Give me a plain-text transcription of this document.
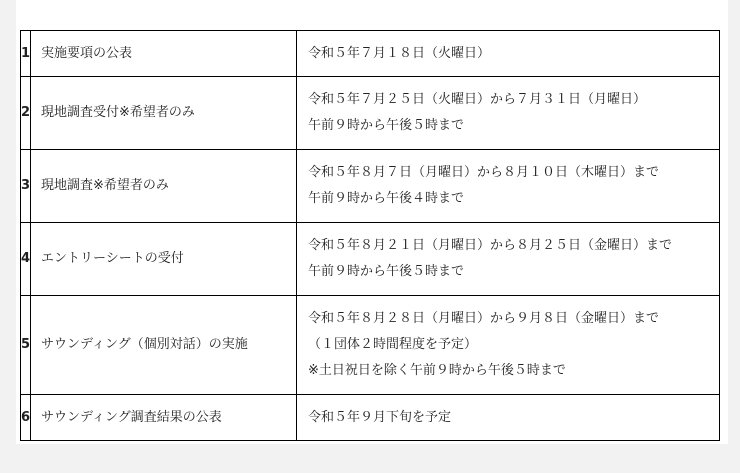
1	実施要項の公表	令和５年７月１８日（火曜日）

2	現地調査受付※希望者のみ	令和５年７月２５日（火曜日）から７月３１日（月曜日）
午前９時から午後５時まで

3	現地調査※希望者のみ	令和５年８月７日（月曜日）から８月１０日（木曜日）まで
午前９時から午後４時まで

4	エントリーシートの受付	令和５年８月２１日（月曜日）から８月２５日（金曜日）まで
午前９時から午後５時まで

5	サウンディング（個別対話）の実施	令和５年８月２８日（月曜日）から９月８日（金曜日）まで
（１団体２時間程度を予定）
※土日祝日を除く午前９時から午後５時まで

6	サウンディング調査結果の公表	令和５年９月下旬を予定
